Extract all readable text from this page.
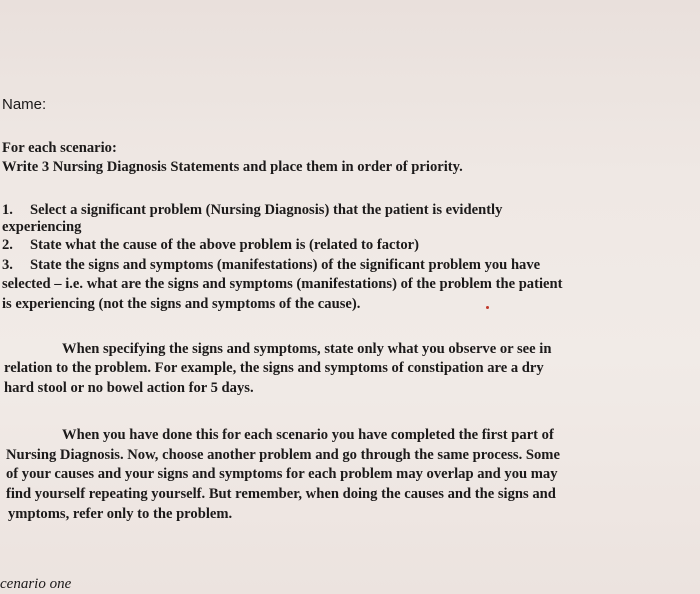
Name:
For each scenario:
Write 3 Nursing Diagnosis Statements and place them in order of priority.
1. Select a significant problem (Nursing Diagnosis) that the patient is evidently
experiencing
2. State what the cause of the above problem is (related to factor)
3. State the signs and symptoms (manifestations) of the significant problem you have
selected – i.e. what are the signs and symptoms (manifestations) of the problem the patient
is experiencing (not the signs and symptoms of the cause).
When specifying the signs and symptoms, state only what you observe or see in
relation to the problem. For example, the signs and symptoms of constipation are a dry
hard stool or no bowel action for 5 days.
When you have done this for each scenario you have completed the first part of
Nursing Diagnosis. Now, choose another problem and go through the same process. Some
of your causes and your signs and symptoms for each problem may overlap and you may
find yourself repeating yourself. But remember, when doing the causes and the signs and
ymptoms, refer only to the problem.
cenario one
